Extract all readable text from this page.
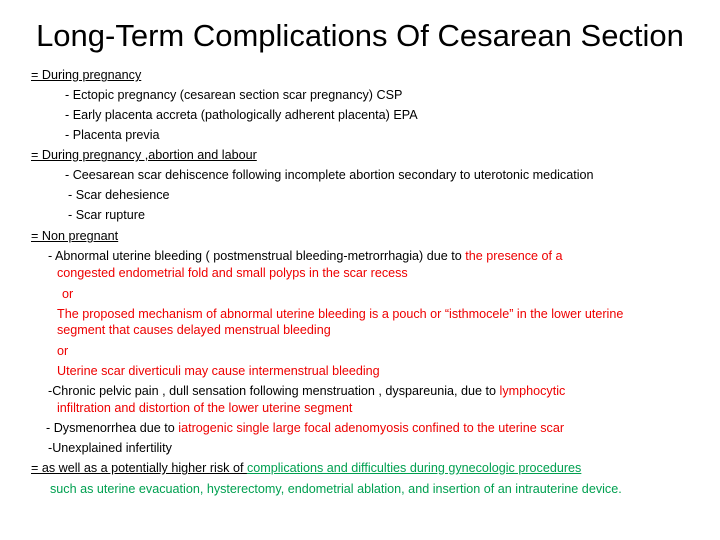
Long-Term Complications Of Cesarean Section
= During pregnancy
- Ectopic pregnancy (cesarean section scar pregnancy) CSP
- Early placenta accreta (pathologically adherent placenta) EPA
- Placenta previa
= During pregnancy ,abortion and labour
- Ceesarean scar dehiscence following incomplete abortion secondary to uterotonic medication
- Scar dehesience
- Scar rupture
= Non pregnant
- Abnormal uterine bleeding ( postmenstrual bleeding-metrorrhagia) due to the presence of a
congested endometrial fold and small polyps in the scar recess
or
The proposed mechanism of abnormal uterine bleeding is a pouch or “isthmocele” in the lower uterine
segment that causes delayed menstrual bleeding
or
Uterine scar diverticuli may cause intermenstrual bleeding
-Chronic pelvic pain , dull sensation following menstruation , dyspareunia, due to lymphocytic
infiltration and distortion of the lower uterine segment
- Dysmenorrhea due to iatrogenic single large focal adenomyosis confined to the uterine scar
-Unexplained infertility
= as well as a potentially higher risk of complications and difficulties during gynecologic procedures
such as uterine evacuation, hysterectomy, endometrial ablation, and insertion of an intrauterine device.
